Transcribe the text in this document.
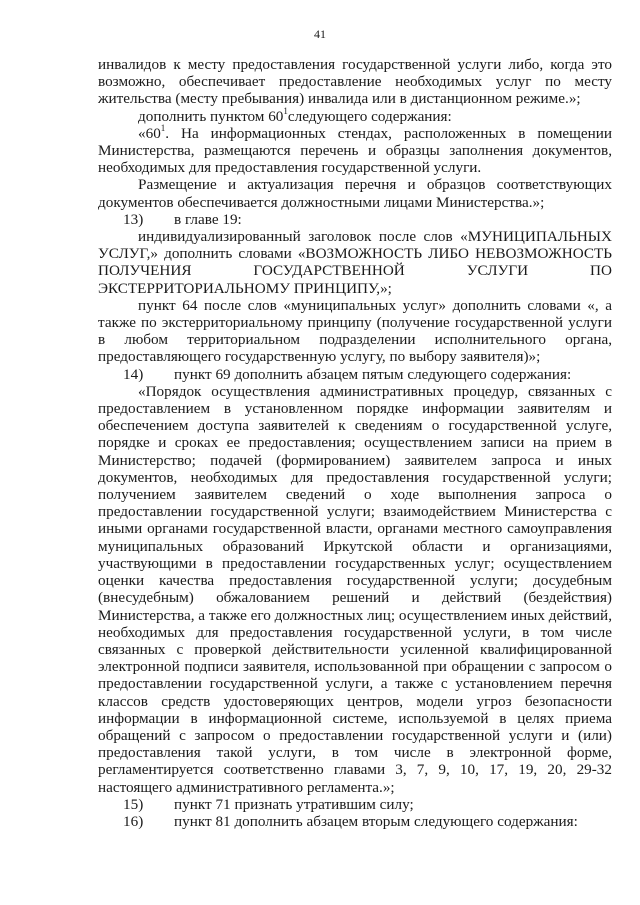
41

инвалидов к месту предоставления государственной услуги либо, когда это возможно, обеспечивает предоставление необходимых услуг по месту жительства (месту пребывания) инвалида или в дистанционном режиме.»;

дополнить пунктом $60^1следующего$ содержания:

«$60^1$. На информационных стендах, расположенных в помещении Министерства, размещаются перечень и образцы заполнения документов, необходимых для предоставления государственной услуги.

Размещение и актуализация перечня и образцов соответствующих документов обеспечивается должностными лицами Министерства.»;

13)	в главе 19:

индивидуализированный заголовок после слов «МУНИЦИПАЛЬНЫХ УСЛУГ,» дополнить словами «ВОЗМОЖНОСТЬ ЛИБО НЕВОЗМОЖНОСТЬ ПОЛУЧЕНИЯ ГОСУДАРСТВЕННОЙ УСЛУГИ ПО ЭКСТЕРРИТОРИАЛЬНОМУ ПРИНЦИПУ,»;

пункт 64 после слов «муниципальных услуг» дополнить словами «, а также по экстерриториальному принципу (получение государственной услуги в любом территориальном подразделении исполнительного органа, предоставляющего государственную услугу, по выбору заявителя)»;

14)	пункт 69 дополнить абзацем пятым следующего содержания:

«Порядок осуществления административных процедур, связанных с предоставлением в установленном порядке информации заявителям и обеспечением доступа заявителей к сведениям о государственной услуге, порядке и сроках ее предоставления; осуществлением записи на прием в Министерство; подачей (формированием) заявителем запроса и иных документов, необходимых для предоставления государственной услуги; получением заявителем сведений о ходе выполнения запроса о предоставлении государственной услуги; взаимодействием Министерства с иными органами государственной власти, органами местного самоуправления муниципальных образований Иркутской области и организациями, участвующими в предоставлении государственных услуг; осуществлением оценки качества предоставления государственной услуги; досудебным (внесудебным) обжалованием решений и действий (бездействия) Министерства, а также его должностных лиц; осуществлением иных действий, необходимых для предоставления государственной услуги, в том числе связанных с проверкой действительности усиленной квалифицированной электронной подписи заявителя, использованной при обращении с запросом о предоставлении государственной услуги, а также с установлением перечня классов средств удостоверяющих центров, модели угроз безопасности информации в информационной системе, используемой в целях приема обращений с запросом о предоставлении государственной услуги и (или) предоставления такой услуги, в том числе в электронной форме, регламентируется соответственно главами 3, 7, 9, 10, 17, 19, 20, 29-32 настоящего административного регламента.»;

15)	пункт 71 признать утратившим силу;
16)	пункт 81 дополнить абзацем вторым следующего содержания:
